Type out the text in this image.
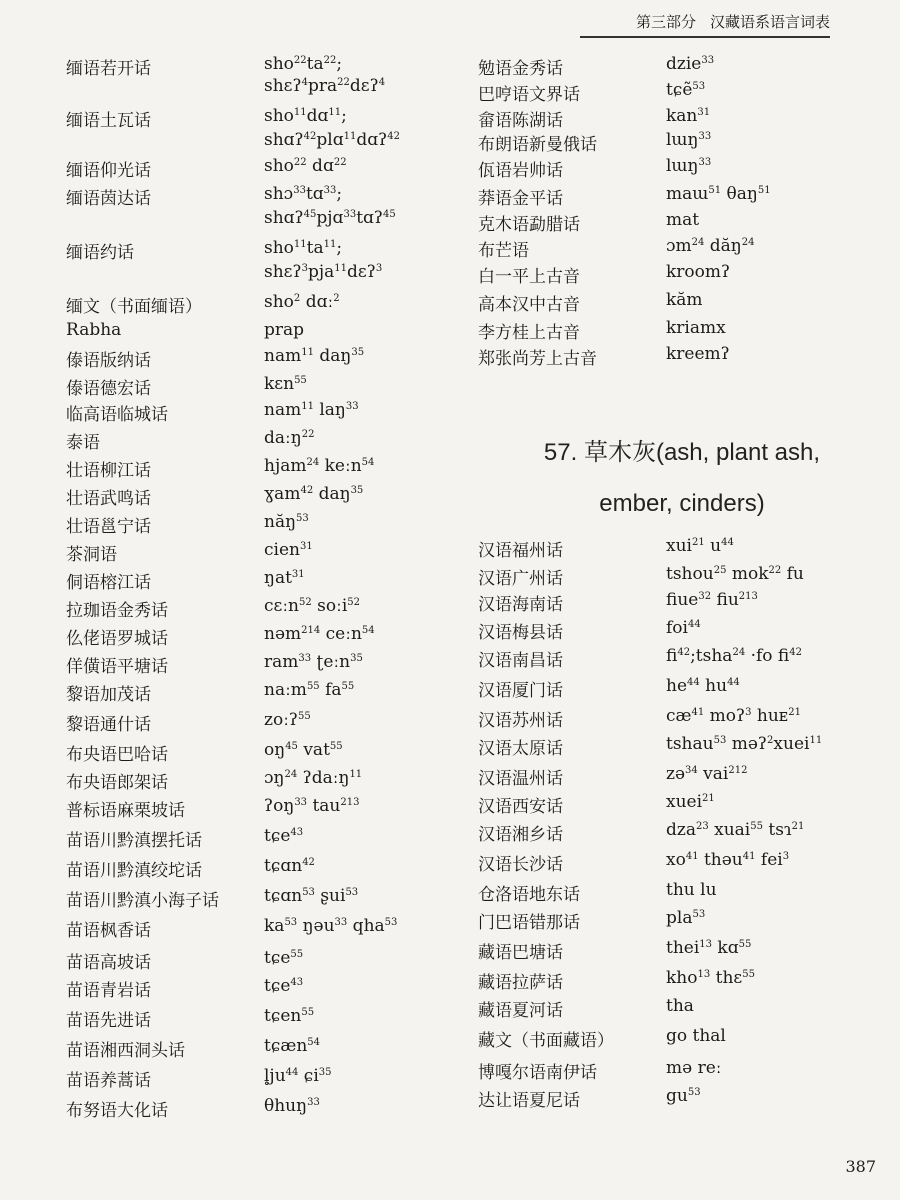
第三部分 汉藏语系语言词表
缅语若开话	$sho^{22}ta^{22}$;
shɛʔ$^4$pra$^{22}$dɛʔ$^4$
缅语土瓦话	sho$^{11}$dɑ$^{11}$;
shɑʔ$^{42}$plɑ$^{11}$dɑʔ$^{42}$
缅语仰光话	sho$^{22}$ dɑ$^{22}$
缅语茵达话	shɔ$^{33}$tɑ$^{33}$;
shɑʔ$^{45}$pjɑ$^{33}$tɑʔ$^{45}$
缅语约话	$sho^{11}ta^{11}$;
shɛʔ$^3$pja$^{11}$dɛʔ$^3$
缅文（书面缅语）	sho$^2$ dɑː$^2$
Rabha	prap
傣语版纳话	nam$^{11}$ daŋ$^{35}$
傣语德宏话	kɛn$^{55}$
临高语临城话	nam$^{11}$ laŋ$^{33}$
泰语	daːŋ$^{22}$
壮语柳江话	hjam$^{24}$ keːn$^{54}$
壮语武鸣话	ɣam$^{42}$ daŋ$^{35}$
壮语邕宁话	năŋ$^{53}$
茶洞语	cien$^{31}$
侗语榕江话	ŋat$^{31}$
拉珈语金秀话	cɛːn$^{52}$ soːi$^{52}$
仫佬语罗城话	nəm$^{214}$ ceːn$^{54}$
佯僙语平塘话	ram$^{33}$ ʈeːn$^{35}$
黎语加茂话	naːm$^{55}$ $fa^{55}$
黎语通什话	zoːʔ$^{55}$
布央语巴哈话	$oŋ^{45}$ vat$^{55}$
布央语郎架话	ɔŋ$^{24}$ ʔdaːŋ$^{11}$
普标语麻栗坡话	ʔoŋ$^{33}$ tau$^{213}$
苗语川黔滇摆托话	tɕe$^{43}$
苗语川黔滇绞坨话	tɕɑn$^{42}$
苗语川黔滇小海子话	tɕɑn$^{53}$ ʂui$^{53}$
苗语枫香话	$ka^{53}$ ŋəu$^{33}$ qha$^{53}$
苗语高坡话	tɕe$^{55}$
苗语青岩话	tɕe$^{43}$
苗语先进话	tɕen$^{55}$
苗语湘西洞头话	tɕæn$^{54}$
苗语养蒿话	$l̥ju^{44}$ ɕi$^{35}$
布努语大化话	θhuŋ$^{33}$
勉语金秀话	dzie$^{33}$
巴哼语文界话	tɕẽ$^{53}$
畲语陈湖话	kan$^{31}$
布朗语新曼俄话	lɯŋ$^{33}$
佤语岩帅话	lɯŋ$^{33}$
莽语金平话	maɯ$^{51}$ θaŋ$^{51}$
克木语勐腊话	mat
布芒语	ɔm$^{24}$ dăŋ$^{24}$
白一平上古音	kroomʔ
高本汉中古音	kăm
李方桂上古音	kriamx
郑张尚芳上古音	kreemʔ
57. 草木灰(ash, plant ash,
ember, cinders)
汉语福州话	xui$^{21}$ $u^{44}$
汉语广州话	tshou$^{25}$ mok$^{22}$ fu
汉语海南话	fiue$^{32}$ fiu$^{213}$
汉语梅县话	foi$^{44}$
汉语南昌话	$fi^{42};tsha^{24} \cdot fo$ $fi^{42}$
汉语厦门话	$he^{44}$ $hu^{44}$
汉语苏州话	$cæ^{41}$ moʔ$^3$ huᴇ$^{21}$
汉语太原话	tshau$^{53}$ məʔ$^2$xuei$^{11}$
汉语温州话	zə$^{34}$ vai$^{212}$
汉语西安话	xuei$^{21}$
汉语湘乡话	dza$^{23}$ xuai$^{55}$ tsɿ$^{21}$
汉语长沙话	$xo^{41}$ thəu$^{41}$ fei$^3$
仓洛语地东话	thu lu
门巴语错那话	pla$^{53}$
藏语巴塘话	thei$^{13}$ kɑ$^{55}$
藏语拉萨话	kho$^{13}$ thɛ$^{55}$
藏语夏河话	tha
藏文（书面藏语）	go thal
博嘎尔语南伊话	mə reː
达让语夏尼话	$gu^{53}$
387
